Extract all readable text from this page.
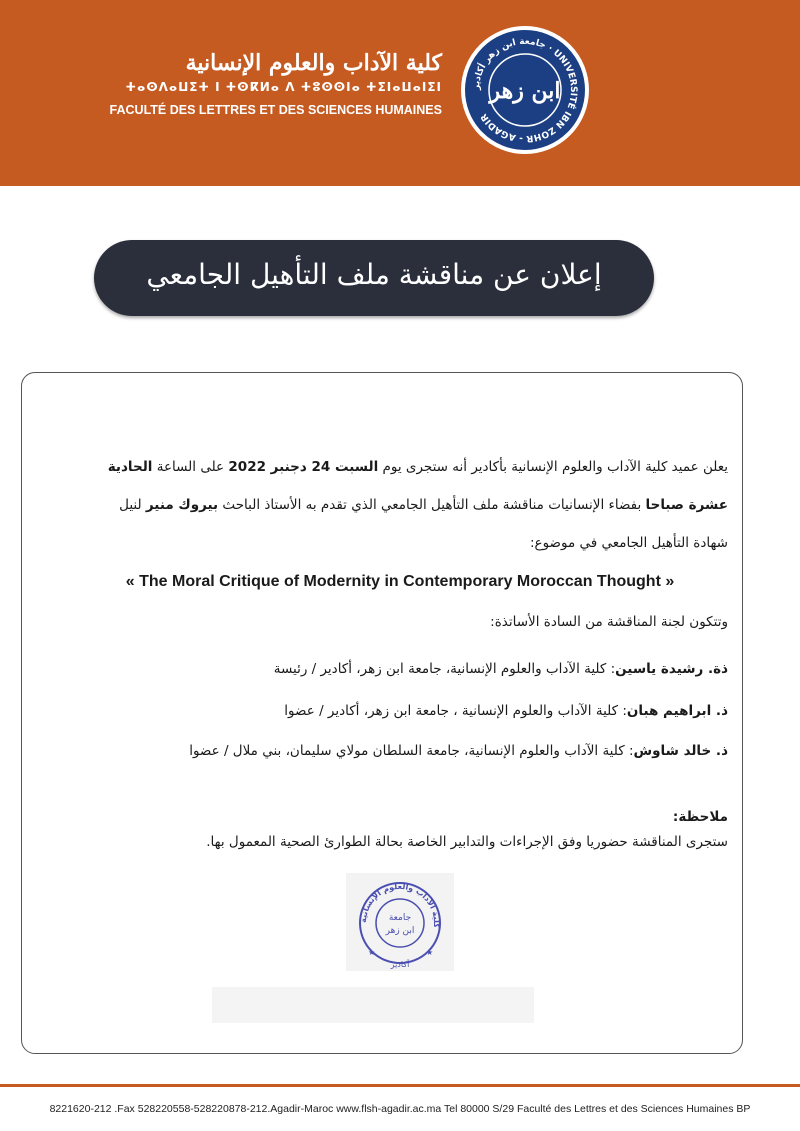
كلية الآداب والعلوم الإنسانية
ⵜⴰⵙⴷⴰⵡⵉⵜ ⵏ ⵜⵙⴽⵍⴰ ⴷ ⵜⵓⵙⵙⵏⴰ ⵜⵉⵏⴰⵡⴰⵏⵉⵏ
FACULTÉ DES LETTRES ET DES SCIENCES HUMAINES
جامعة ابن زهر أكادير · UNIVERSITÉ IBN ZOHR - AGADIR
ابن زهر
إعلان عن مناقشة ملف التأهيل الجامعي
يعلن عميد كلية الآداب والعلوم الإنسانية بأكادير أنه ستجرى يوم السبت 24 دجنبر 2022 على الساعة الحادية
عشرة صباحا بفضاء الإنسانيات مناقشة ملف التأهيل الجامعي الذي تقدم به الأستاذ الباحث بيروك منير لنيل
شهادة التأهيل الجامعي في موضوع:
« The Moral Critique of Modernity in Contemporary Moroccan Thought »
وتتكون لجنة المناقشة من السادة الأساتذة:
ذة. رشيدة ياسين: كلية الآداب والعلوم الإنسانية، جامعة ابن زهر، أكادير / رئيسة
ذ. ابراهيم هبان: كلية الآداب والعلوم الإنسانية ، جامعة ابن زهر، أكادير / عضوا
ذ. خالد شاوش: كلية الآداب والعلوم الإنسانية، جامعة السلطان مولاي سليمان، بني ملال / عضوا
ملاحظة:
ستجرى المناقشة حضوريا وفق الإجراءات والتدابير الخاصة بحالة الطوارئ الصحية المعمول بها.
كلية الآداب والعلوم الإنسانية
جامعة
ابن زهر
أكادير
★	★
8221620-212 .Fax 528220558-528220878-212.Agadir-Maroc www.flsh-agadir.ac.ma Tel 80000 S/29 Faculté des Lettres et des Sciences Humaines BP
